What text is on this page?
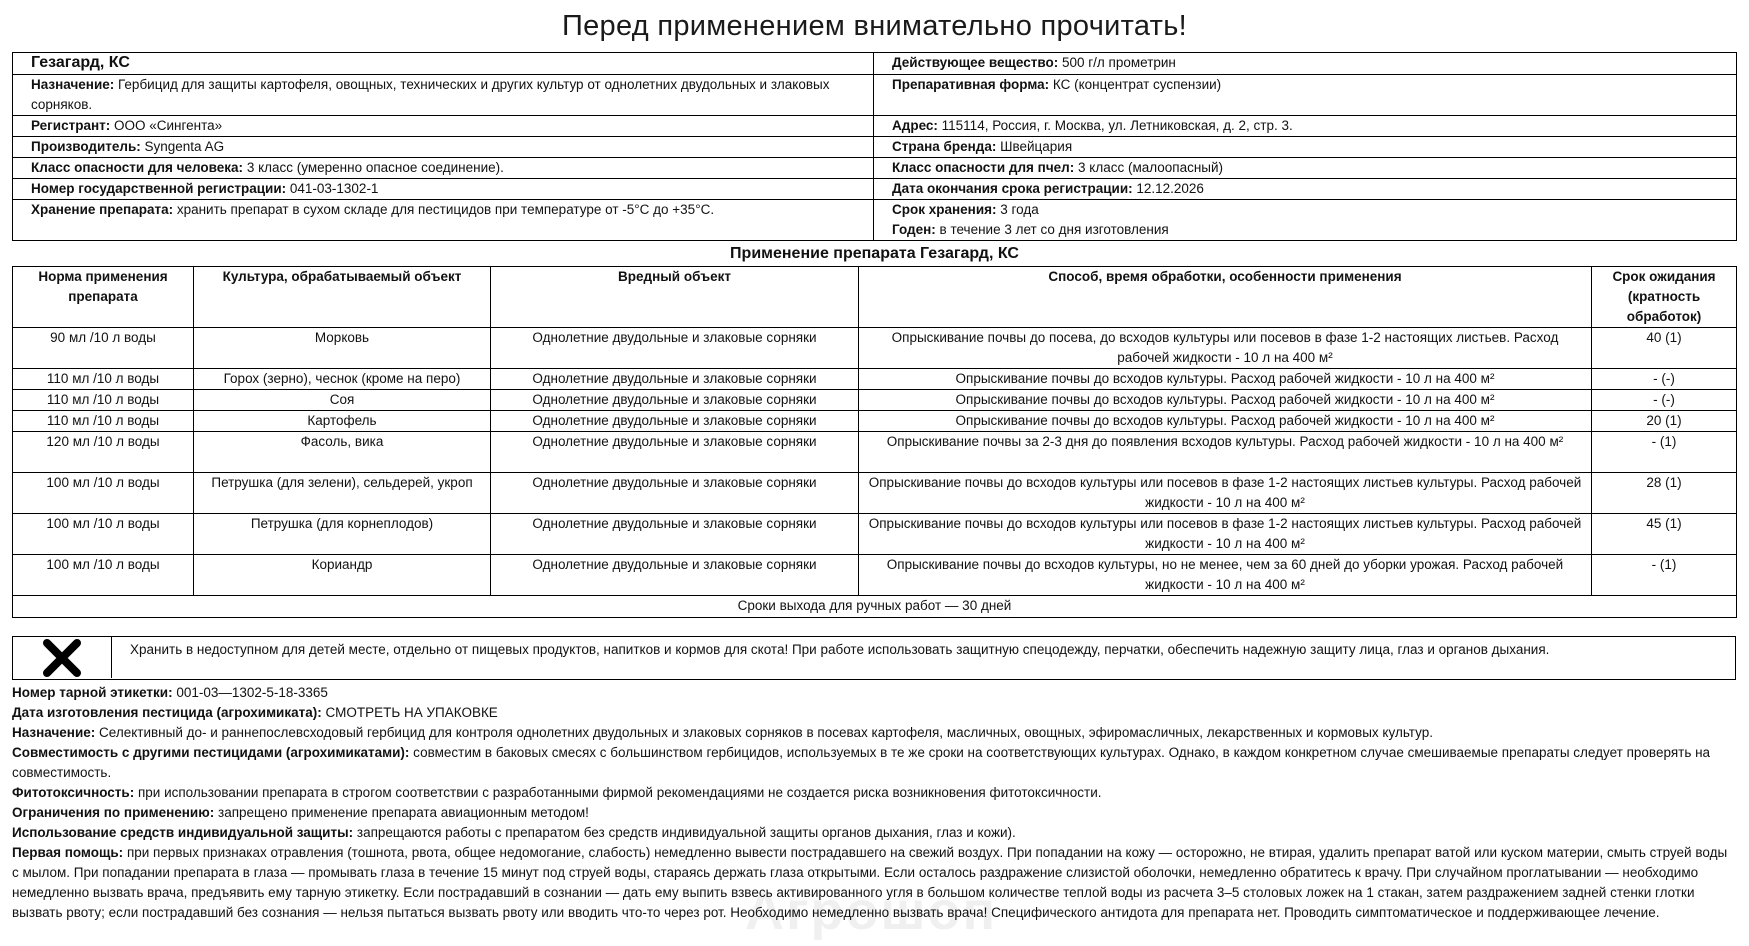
Перед применением внимательно прочитать!
Гезагард, КС	Действующее вещество: 500 г/л прометрин
Назначение: Гербицид для защиты картофеля, овощных, технических и других культур от однолетних двудольных и злаковых сорняков.	Препаративная форма: КС (концентрат суспензии)
Регистрант: ООО «Сингента»	Адрес: 115114, Россия, г. Москва, ул. Летниковская, д. 2, стр. 3.
Производитель: Syngenta AG	Страна бренда: Швейцария
Класс опасности для человека: 3 класс (умеренно опасное соединение).	Класс опасности для пчел: 3 класс (малоопасный)
Номер государственной регистрации: 041-03-1302-1	Дата окончания срока регистрации: 12.12.2026
Хранение препарата: хранить препарат в сухом складе для пестицидов при температуре от -5°С до +35°С.	Срок хранения: 3 года
Годен: в течение 3 лет со дня изготовления
Применение препарата Гезагард, КС
Норма применения препарата	Культура, обрабатываемый объект	Вредный объект	Способ, время обработки, особенности применения	Срок ожидания (кратность обработок)
90 мл /10 л воды	Морковь	Однолетние двудольные и злаковые сорняки	Опрыскивание почвы до посева, до всходов культуры или посевов в фазе 1-2 настоящих листьев. Расход рабочей жидкости - 10 л на 400 м²	40 (1)
110 мл /10 л воды	Горох (зерно), чеснок (кроме на перо)	Однолетние двудольные и злаковые сорняки	Опрыскивание почвы до всходов культуры. Расход рабочей жидкости - 10 л на 400 м²	- (-)
110 мл /10 л воды	Соя	Однолетние двудольные и злаковые сорняки	Опрыскивание почвы до всходов культуры. Расход рабочей жидкости - 10 л на 400 м²	- (-)
110 мл /10 л воды	Картофель	Однолетние двудольные и злаковые сорняки	Опрыскивание почвы до всходов культуры. Расход рабочей жидкости - 10 л на 400 м²	20 (1)
120 мл /10 л воды	Фасоль, вика	Однолетние двудольные и злаковые сорняки	Опрыскивание почвы за 2-3 дня до появления всходов культуры. Расход рабочей жидкости - 10 л на 400 м²	- (1)
100 мл /10 л воды	Петрушка (для зелени), сельдерей, укроп	Однолетние двудольные и злаковые сорняки	Опрыскивание почвы до всходов культуры или посевов в фазе 1-2 настоящих листьев культуры. Расход рабочей жидкости - 10 л на 400 м²	28 (1)
100 мл /10 л воды	Петрушка (для корнеплодов)	Однолетние двудольные и злаковые сорняки	Опрыскивание почвы до всходов культуры или посевов в фазе 1-2 настоящих листьев культуры. Расход рабочей жидкости - 10 л на 400 м²	45 (1)
100 мл /10 л воды	Кориандр	Однолетние двудольные и злаковые сорняки	Опрыскивание почвы до всходов культуры, но не менее, чем за 60 дней до уборки урожая. Расход рабочей жидкости - 10 л на 400 м²	- (1)
Сроки выхода для ручных работ — 30 дней				
Хранить в недоступном для детей месте, отдельно от пищевых продуктов, напитков и кормов для скота! При работе использовать защитную спецодежду, перчатки, обеспечить надежную защиту лица, глаз и органов дыхания.

Номер тарной этикетки: 001-03—1302-5-18-3365

Дата изготовления пестицида (агрохимиката): СМОТРЕТЬ НА УПАКОВКЕ

Назначение: Селективный до- и раннепослевсходовый гербицид для контроля однолетних двудольных и злаковых сорняков в посевах картофеля, масличных, овощных, эфиромасличных, лекарственных и кормовых культур.

Совместимость с другими пестицидами (агрохимикатами): совместим в баковых смесях с большинством гербицидов, используемых в те же сроки на соответствующих культурах. Однако, в каждом конкретном случае смешиваемые препараты следует проверять на совместимость.

Фитотоксичность: при использовании препарата в строгом соответствии с разработанными фирмой рекомендациями не создается риска возникновения фитотоксичности.

Ограничения по применению: запрещено применение препарата авиационным методом!

Использование средств индивидуальной защиты: запрещаются работы с препаратом без средств индивидуальной защиты органов дыхания, глаз и кожи).

Первая помощь: при первых признаках отравления (тошнота, рвота, общее недомогание, слабость) немедленно вывести пострадавшего на свежий воздух. При попадании на кожу — осторожно, не втирая, удалить препарат ватой или куском материи, смыть струей воды с мылом. При попадании препарата в глаза — промывать глаза в течение 15 минут под струей воды, стараясь держать глаза открытыми. Если осталось раздражение слизистой оболочки, немедленно обратитесь к врачу. При случайном проглатывании — необходимо немедленно вызвать врача, предъявить ему тарную этикетку. Если пострадавший в сознании — дать ему выпить взвесь активированного угля в большом количестве теплой воды из расчета 3–5 столовых ложек на 1 стакан, затем раздражением задней стенки глотки вызвать рвоту; если пострадавший без сознания — нельзя пытаться вызвать рвоту или вводить что-то через рот. Необходимо немедленно вызвать врача! Специфического антидота для препарата нет. Проводить симптоматическое и поддерживающее лечение.

Агрошоп
